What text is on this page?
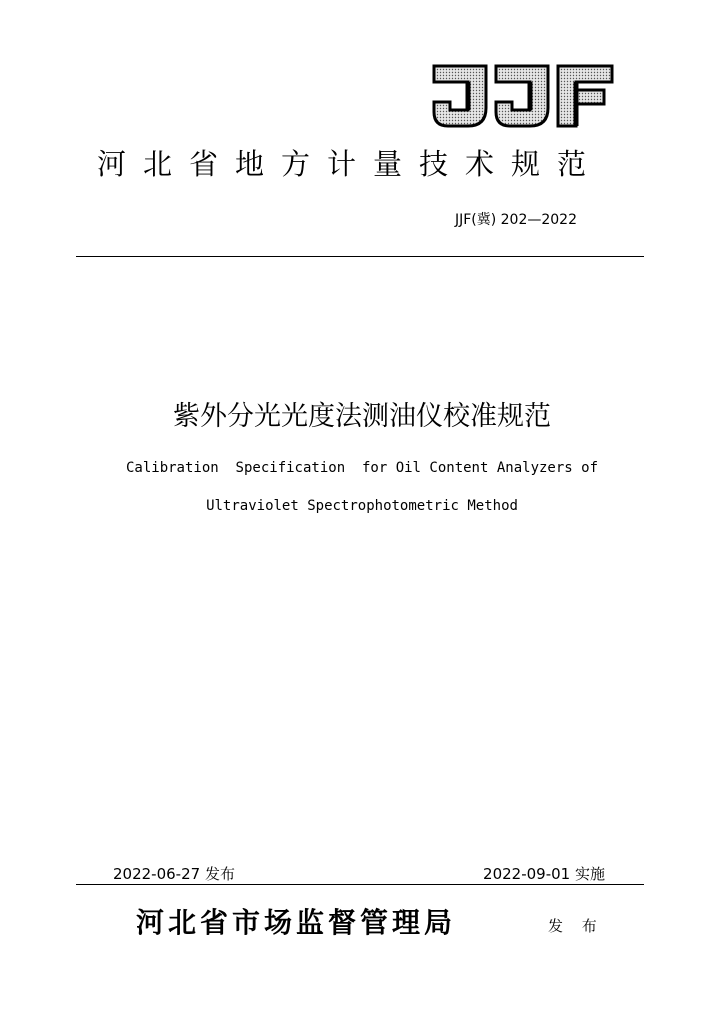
河北省地方计量技术规范
JJF(冀) 202—2022
紫外分光光度法测油仪校准规范
Calibration  Specification  for Oil Content Analyzers of
Ultraviolet Spectrophotometric Method
2022-06-27 发布	2022-09-01 实施
河北省市场监督管理局	发 布
